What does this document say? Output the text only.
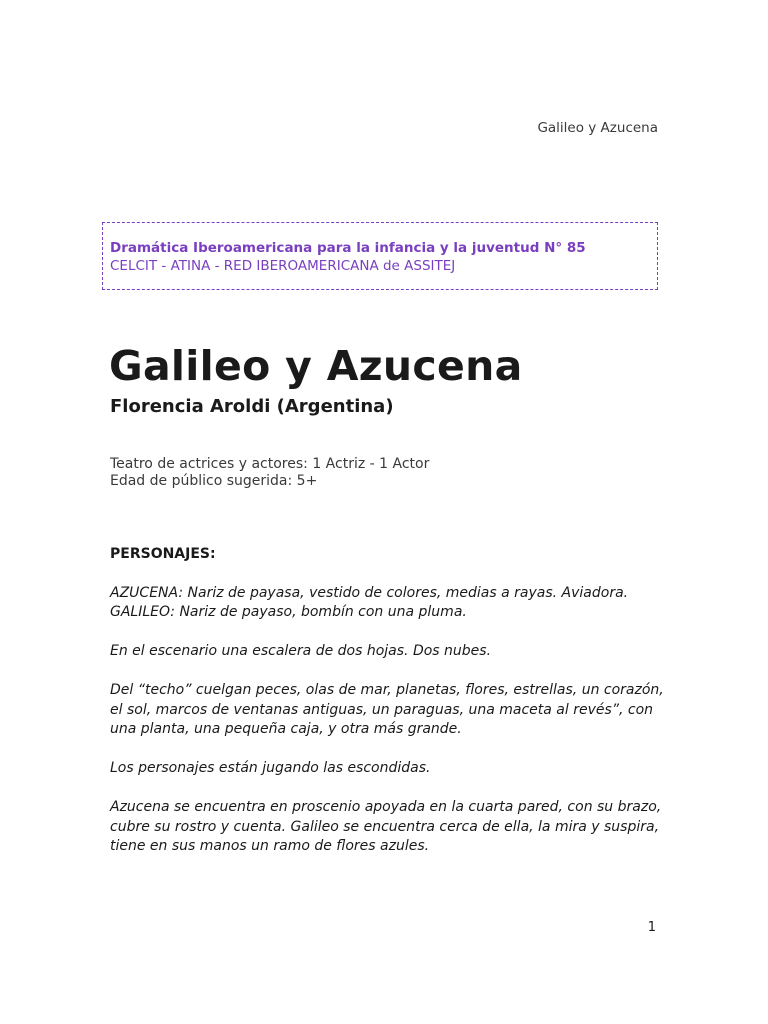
Galileo y Azucena
Dramática Iberoamericana para la infancia y la juventud N° 85
CELCIT - ATINA - RED IBEROAMERICANA de ASSITEJ
Galileo y Azucena
Florencia Aroldi (Argentina)
Teatro de actrices y actores: 1 Actriz - 1 Actor
Edad de público sugerida: 5+
PERSONAJES:

AZUCENA: Nariz de payasa, vestido de colores, medias a rayas. Aviadora.
GALILEO: Nariz de payaso, bombín con una pluma.

En el escenario una escalera de dos hojas. Dos nubes.

Del “techo” cuelgan peces, olas de mar, planetas, flores, estrellas, un corazón, el sol, marcos de ventanas antiguas, un paraguas, una maceta al revés”, con una planta, una pequeña caja, y otra más grande.

Los personajes están jugando las escondidas.

Azucena se encuentra en proscenio apoyada en la cuarta pared, con su brazo, cubre su rostro y cuenta. Galileo se encuentra cerca de ella, la mira y suspira, tiene en sus manos un ramo de flores azules.

1
